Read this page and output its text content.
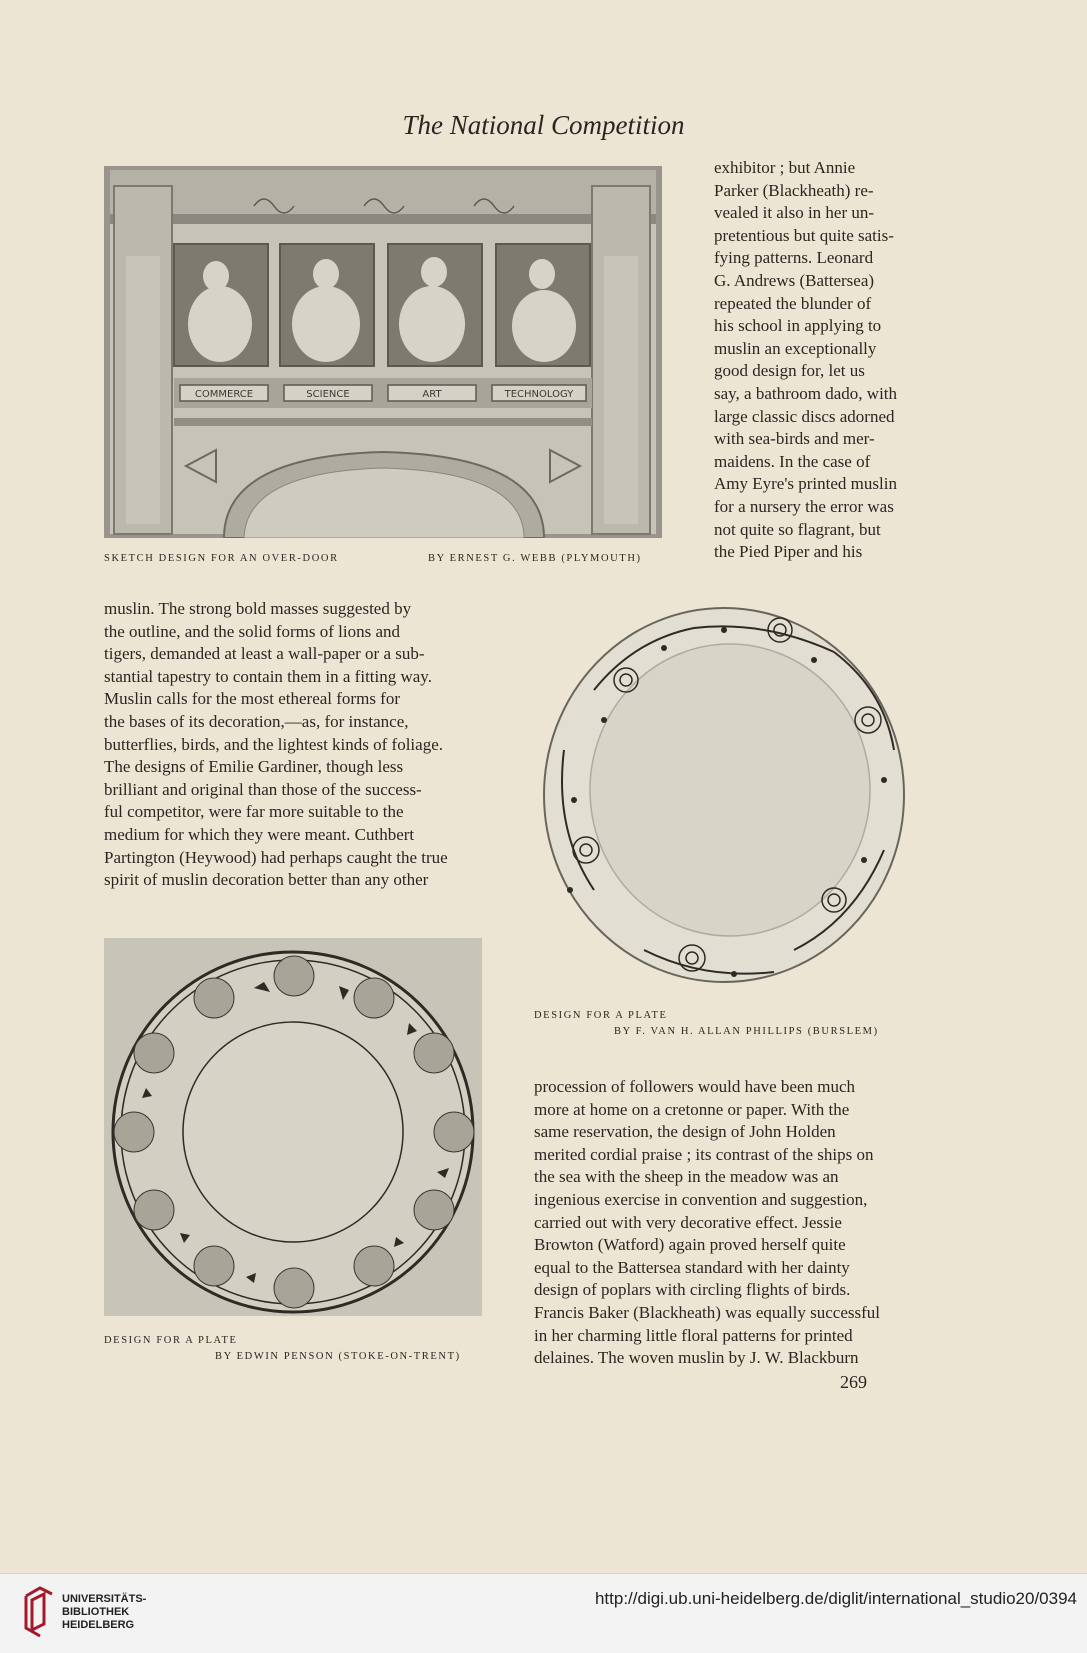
The National Competition
COMMERCE	SCIENCE	ART	TECHNOLOGY
SKETCH DESIGN FOR AN OVER-DOOR	BY ERNEST G. WEBB (PLYMOUTH)
exhibitor ; but Annie
Parker (Blackheath) re-
vealed it also in her un-
pretentious but quite satis-
fying patterns. Leonard
G. Andrews (Battersea)
repeated the blunder of
his school in applying to
muslin an exceptionally
good design for, let us
say, a bathroom dado, with
large classic discs adorned
with sea-birds and mer-
maidens. In the case of
Amy Eyre's printed muslin
for a nursery the error was
not quite so flagrant, but
the Pied Piper and his
muslin. The strong bold masses suggested by
the outline, and the solid forms of lions and
tigers, demanded at least a wall-paper or a sub-
stantial tapestry to contain them in a fitting way.
Muslin calls for the most ethereal forms for
the bases of its decoration,—as, for instance,
butterflies, birds, and the lightest kinds of foliage.
The designs of Emilie Gardiner, though less
brilliant and original than those of the success-
ful competitor, were far more suitable to the
medium for which they were meant. Cuthbert
Partington (Heywood) had perhaps caught the true
spirit of muslin decoration better than any other
DESIGN FOR A PLATE
BY F. VAN H. ALLAN PHILLIPS (BURSLEM)
DESIGN FOR A PLATE
BY EDWIN PENSON (STOKE-ON-TRENT)
procession of followers would have been much
more at home on a cretonne or paper. With the
same reservation, the design of John Holden
merited cordial praise ; its contrast of the ships on
the sea with the sheep in the meadow was an
ingenious exercise in convention and suggestion,
carried out with very decorative effect. Jessie
Browton (Watford) again proved herself quite
equal to the Battersea standard with her dainty
design of poplars with circling flights of birds.
Francis Baker (Blackheath) was equally successful
in her charming little floral patterns for printed
delaines. The woven muslin by J. W. Blackburn
269
UNIVERSITÄTS-
BIBLIOTHEK
HEIDELBERG
http://digi.ub.uni-heidelberg.de/diglit/international_studio20/0394
